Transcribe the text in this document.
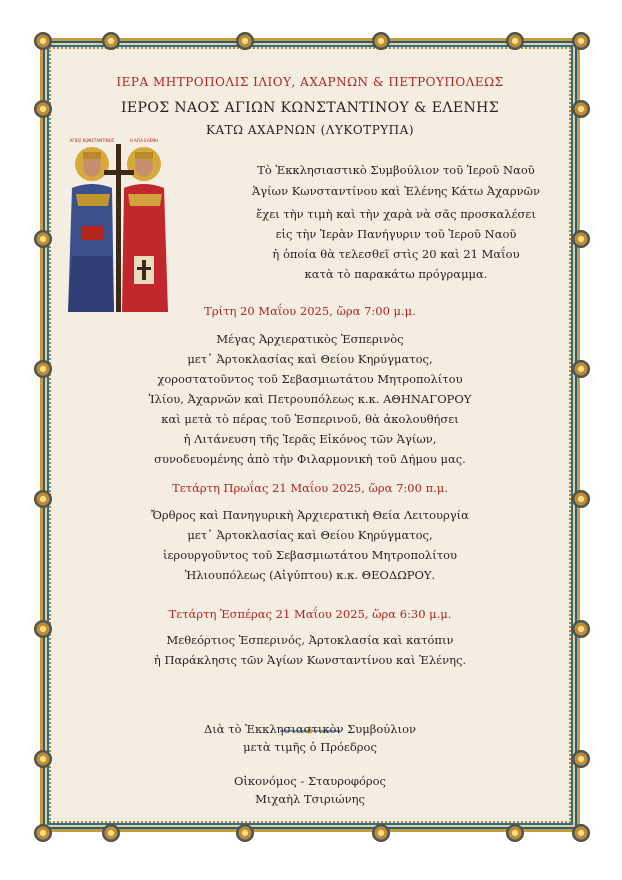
ΙΕΡΑ ΜΗΤΡΟΠΟΛΙΣ ΙΛΙΟΥ, ΑΧΑΡΝΩΝ & ΠΕΤΡΟΥΠΟΛΕΩΣ
ΙΕΡΟΣ ΝΑΟΣ ΑΓΙΩΝ ΚΩΝΣΤΑΝΤΙΝΟΥ & ΕΛΕΝΗΣ
ΚΑΤΩ ΑΧΑΡΝΩΝ (ΛΥΚΟΤΡΥΠΑ)
ΑΓΙΟΣ ΚΩΝΣΤΑΝΤΙΝΟΣ	Η ΑΓΙΑ ΕΛΕΝΗ
Τὸ Ἐκκλησιαστικὸ Συμβούλιον τοῦ Ἱεροῦ Ναοῦ
Ἁγίων Κωνσταντίνου καὶ Ἑλένης Κάτω Ἀχαρνῶν
ἔχει τὴν τιμὴ καὶ τὴν χαρὰ νὰ σᾶς προσκαλέσει
εἰς τὴν Ἱερὰν Πανήγυριν τοῦ Ἱεροῦ Ναοῦ
ἡ ὁποία θὰ τελεσθεῖ στὶς 20 καὶ 21 Μαΐου
κατὰ τὸ παρακάτω πρόγραμμα.
Τρίτη 20 Μαΐου 2025, ὥρα 7:00 μ.μ.
Μέγας Ἀρχιερατικὸς Ἑσπερινὸς
μετ᾽ Ἀρτοκλασίας καὶ Θείου Κηρύγματος,
χοροστατοῦντος τοῦ Σεβασμιωτάτου Μητροπολίτου
Ἰλίου, Ἀχαρνῶν καὶ Πετρουπόλεως κ.κ. ΑΘΗΝΑΓΟΡΟΥ
καὶ μετὰ τὸ πέρας τοῦ Ἑσπερινοῦ, θὰ ἀκολουθήσει
ἡ Λιτάνευση τῆς Ἱερᾶς Εἰκόνος τῶν Ἁγίων,
συνοδευομένης ἀπὸ τὴν Φιλαρμονικὴ τοῦ Δήμου μας.
Τετάρτη Πρωΐας 21 Μαΐου 2025, ὥρα 7:00 π.μ.
Ὄρθρος καὶ Πανηγυρικὴ Ἀρχιερατικὴ Θεία Λειτουργία
μετ᾽ Ἀρτοκλασίας καὶ Θείου Κηρύγματος,
ἱερουργοῦντος τοῦ Σεβασμιωτάτου Μητροπολίτου
Ἡλιουπόλεως (Αἰγύπτου) κ.κ. ΘΕΟΔΩΡΟΥ.
Τετάρτη Ἑσπέρας 21 Μαΐου 2025, ὥρα 6:30 μ.μ.
Μεθεόρτιος Ἑσπερινός, Ἀρτοκλασία καὶ κατόπιν
ἡ Παράκλησις τῶν Ἁγίων Κωνσταντίνου καὶ Ἑλένης.
Διὰ τὸ Ἐκκλησιαστικὸν Συμβούλιον
μετὰ τιμῆς ὁ Πρόεδρος
Οἰκονόμος - Σταυροφόρος
Μιχαὴλ Τσιριώνης
